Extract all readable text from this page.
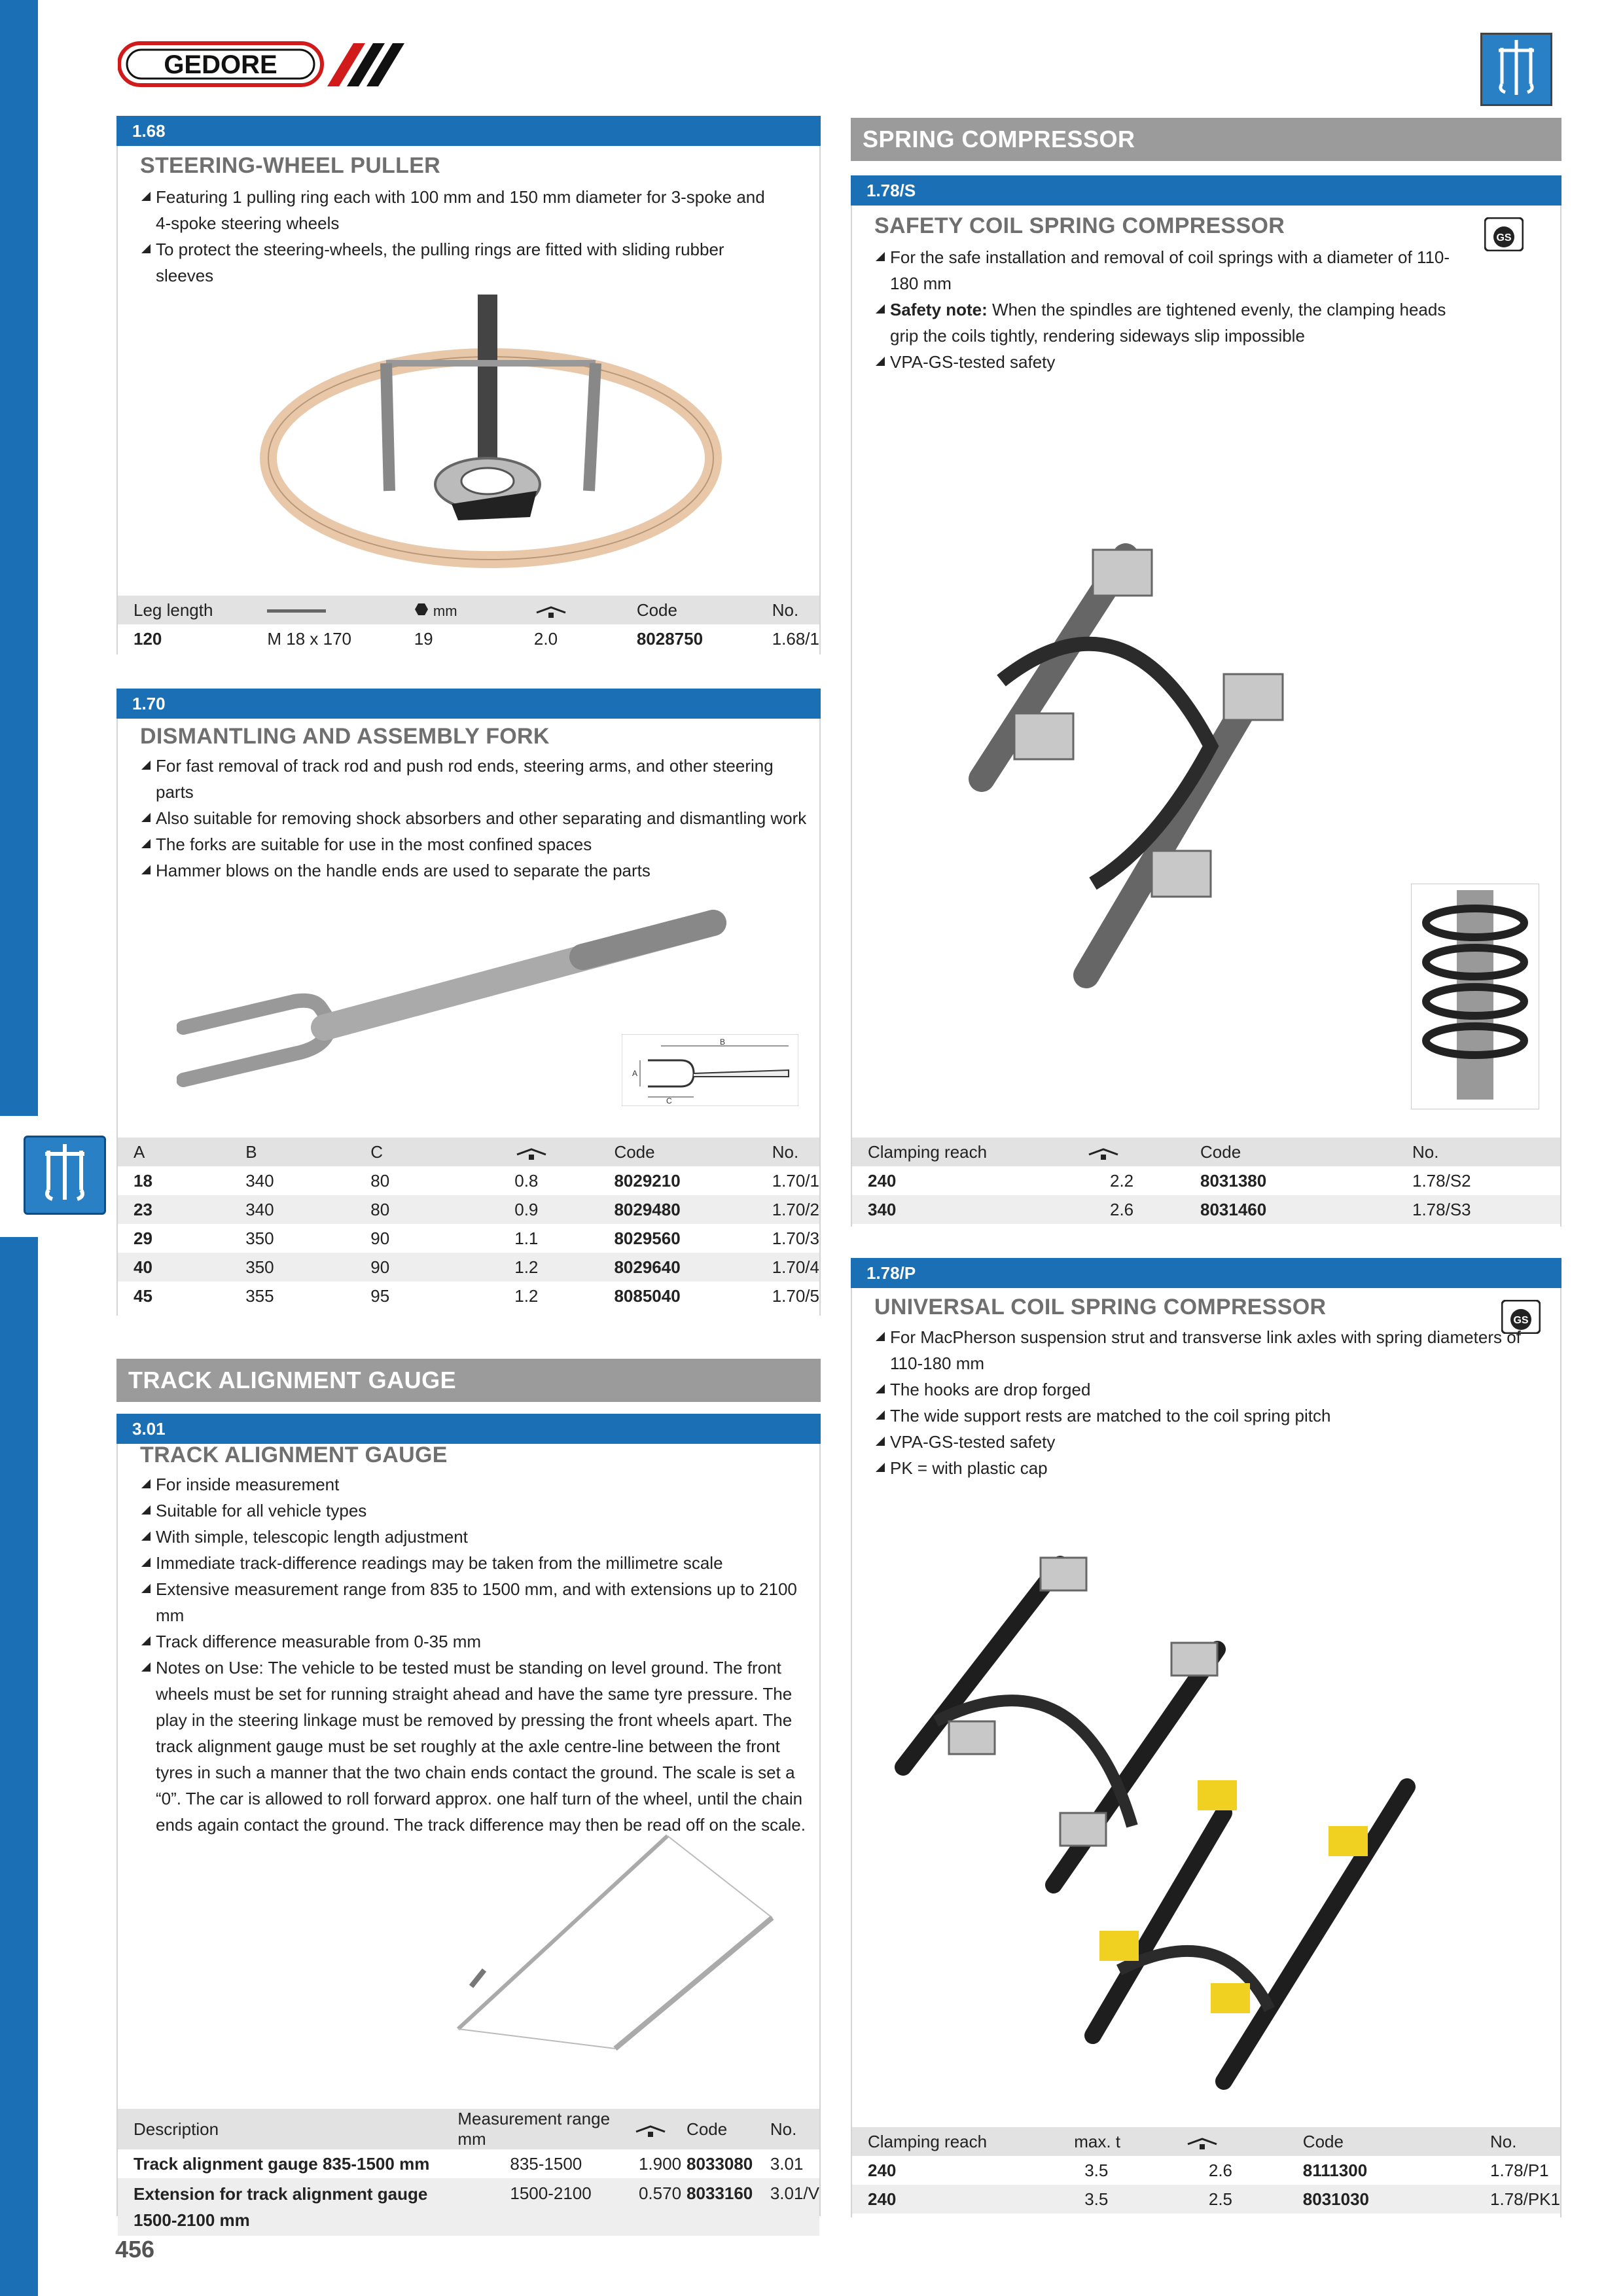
GEDORE
1.68
STEERING-WHEEL PULLER
Featuring 1 pulling ring each with 100 mm and 150 mm diameter for 3-spoke and 4-spoke steering wheels
To protect the steering-wheels, the pulling rings are fitted with sliding rubber sleeves
Leg length		mm		Code	No.
120	M 18 x 170	19	2.0	8028750	1.68/1
1.70
DISMANTLING AND ASSEMBLY FORK
For fast removal of track rod and push rod ends, steering arms, and other steering parts
Also suitable for removing shock absorbers and other separating and dismantling work
The forks are suitable for use in the most confined spaces
Hammer blows on the handle ends are used to separate the parts
B
A
C
A	B	C		Code	No.
18	340	80	0.8	8029210	1.70/1
23	340	80	0.9	8029480	1.70/2
29	350	90	1.1	8029560	1.70/3
40	350	90	1.2	8029640	1.70/4
45	355	95	1.2	8085040	1.70/5
TRACK ALIGNMENT GAUGE
3.01
TRACK ALIGNMENT GAUGE
For inside measurement
Suitable for all vehicle types
With simple, telescopic length adjustment
Immediate track-difference readings may be taken from the millimetre scale
Extensive measurement range from 835 to 1500 mm, and with extensions up to 2100 mm
Track difference measurable from 0-35 mm
Notes on Use: The vehicle to be tested must be standing on level ground. The front wheels must be set for running straight ahead and have the same tyre pressure. The play in the steering linkage must be removed by pressing the front wheels apart. The track alignment gauge must be set roughly at the axle centre-line between the front tyres in such a manner that the two chain ends contact the ground. The scale is set a “0”. The car is allowed to roll forward approx. one half turn of the wheel, until the chain ends again contact the ground. The track difference may then be read off on the scale.
Description	Measurement range mm		Code	No.
Track alignment gauge 835-1500 mm	835-1500	1.900	8033080	3.01
Extension for track alignment gauge 1500-2100 mm	1500-2100	0.570	8033160	3.01/V
456
SPRING COMPRESSOR
1.78/S
SAFETY COIL SPRING COMPRESSOR	GS
For the safe installation and removal of coil springs with a diameter of 110-180 mm
Safety note: When the spindles are tightened evenly, the clamping heads grip the coils tightly, rendering sideways slip impossible
VPA-GS-tested safety
Clamping reach		Code	No.
240	2.2	8031380	1.78/S2
340	2.6	8031460	1.78/S3
1.78/P
UNIVERSAL COIL SPRING COMPRESSOR
GS
For MacPherson suspension strut and transverse link axles with spring diameters of 110-180 mm
The hooks are drop forged
The wide support rests are matched to the coil spring pitch
VPA-GS-tested safety
PK = with plastic cap
Clamping reach	max. t		Code	No.
240	3.5	2.6	8111300	1.78/P1
240	3.5	2.5	8031030	1.78/PK1
